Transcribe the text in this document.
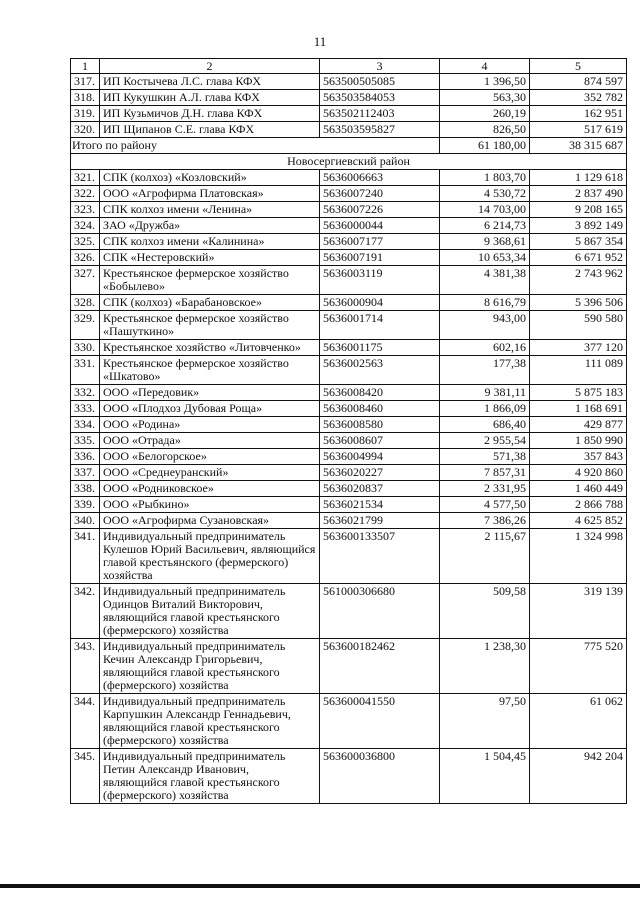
11
1	2	3	4	5
317.	ИП Костычева Л.С. глава КФХ	563500505085	1 396,50	874 597
318.	ИП Кукушкин А.Л. глава КФХ	563503584053	563,30	352 782
319.	ИП Кузьмичов Д.Н. глава КФХ	563502112403	260,19	162 951
320.	ИП Щипанов С.Е. глава КФХ	563503595827	826,50	517 619
Итого по району			61 180,00	38 315 687
Новосергиевский район				
321.	СПК (колхоз) «Козловский»	5636006663	1 803,70	1 129 618
322.	ООО «Агрофирма Платовская»	5636007240	4 530,72	2 837 490
323.	СПК колхоз имени «Ленина»	5636007226	14 703,00	9 208 165
324.	ЗАО «Дружба»	5636000044	6 214,73	3 892 149
325.	СПК колхоз имени «Калинина»	5636007177	9 368,61	5 867 354
326.	СПК «Нестеровский»	5636007191	10 653,34	6 671 952
327.	Крестьянское фермерское хозяйство «Бобылево»	5636003119	4 381,38	2 743 962
328.	СПК (колхоз) «Барабановское»	5636000904	8 616,79	5 396 506
329.	Крестьянское фермерское хозяйство «Пашуткино»	5636001714	943,00	590 580
330.	Крестьянское хозяйство «Литовченко»	5636001175	602,16	377 120
331.	Крестьянское фермерское хозяйство «Шкатово»	5636002563	177,38	111 089
332.	ООО «Передовик»	5636008420	9 381,11	5 875 183
333.	ООО «Плодхоз Дубовая Роща»	5636008460	1 866,09	1 168 691
334.	ООО «Родина»	5636008580	686,40	429 877
335.	ООО «Отрада»	5636008607	2 955,54	1 850 990
336.	ООО «Белогорское»	5636004994	571,38	357 843
337.	ООО «Среднеуранский»	5636020227	7 857,31	4 920 860
338.	ООО «Родниковское»	5636020837	2 331,95	1 460 449
339.	ООО «Рыбкино»	5636021534	4 577,50	2 866 788
340.	ООО «Агрофирма Сузановская»	5636021799	7 386,26	4 625 852
341.	Индивидуальный предприниматель Кулешов Юрий Васильевич, являющийся главой крестьянского (фермерского) хозяйства	563600133507	2 115,67	1 324 998
342.	Индивидуальный предприниматель Одинцов Виталий Викторович, являющийся главой крестьянского (фермерского) хозяйства	561000306680	509,58	319 139
343.	Индивидуальный предприниматель Кечин Александр Григорьевич, являющийся главой крестьянского (фермерского) хозяйства	563600182462	1 238,30	775 520
344.	Индивидуальный предприниматель Карпушкин Александр Геннадьевич, являющийся главой крестьянского (фермерского) хозяйства	563600041550	97,50	61 062
345.	Индивидуальный предприниматель Петин Александр Иванович, являющийся главой крестьянского (фермерского) хозяйства	563600036800	1 504,45	942 204
